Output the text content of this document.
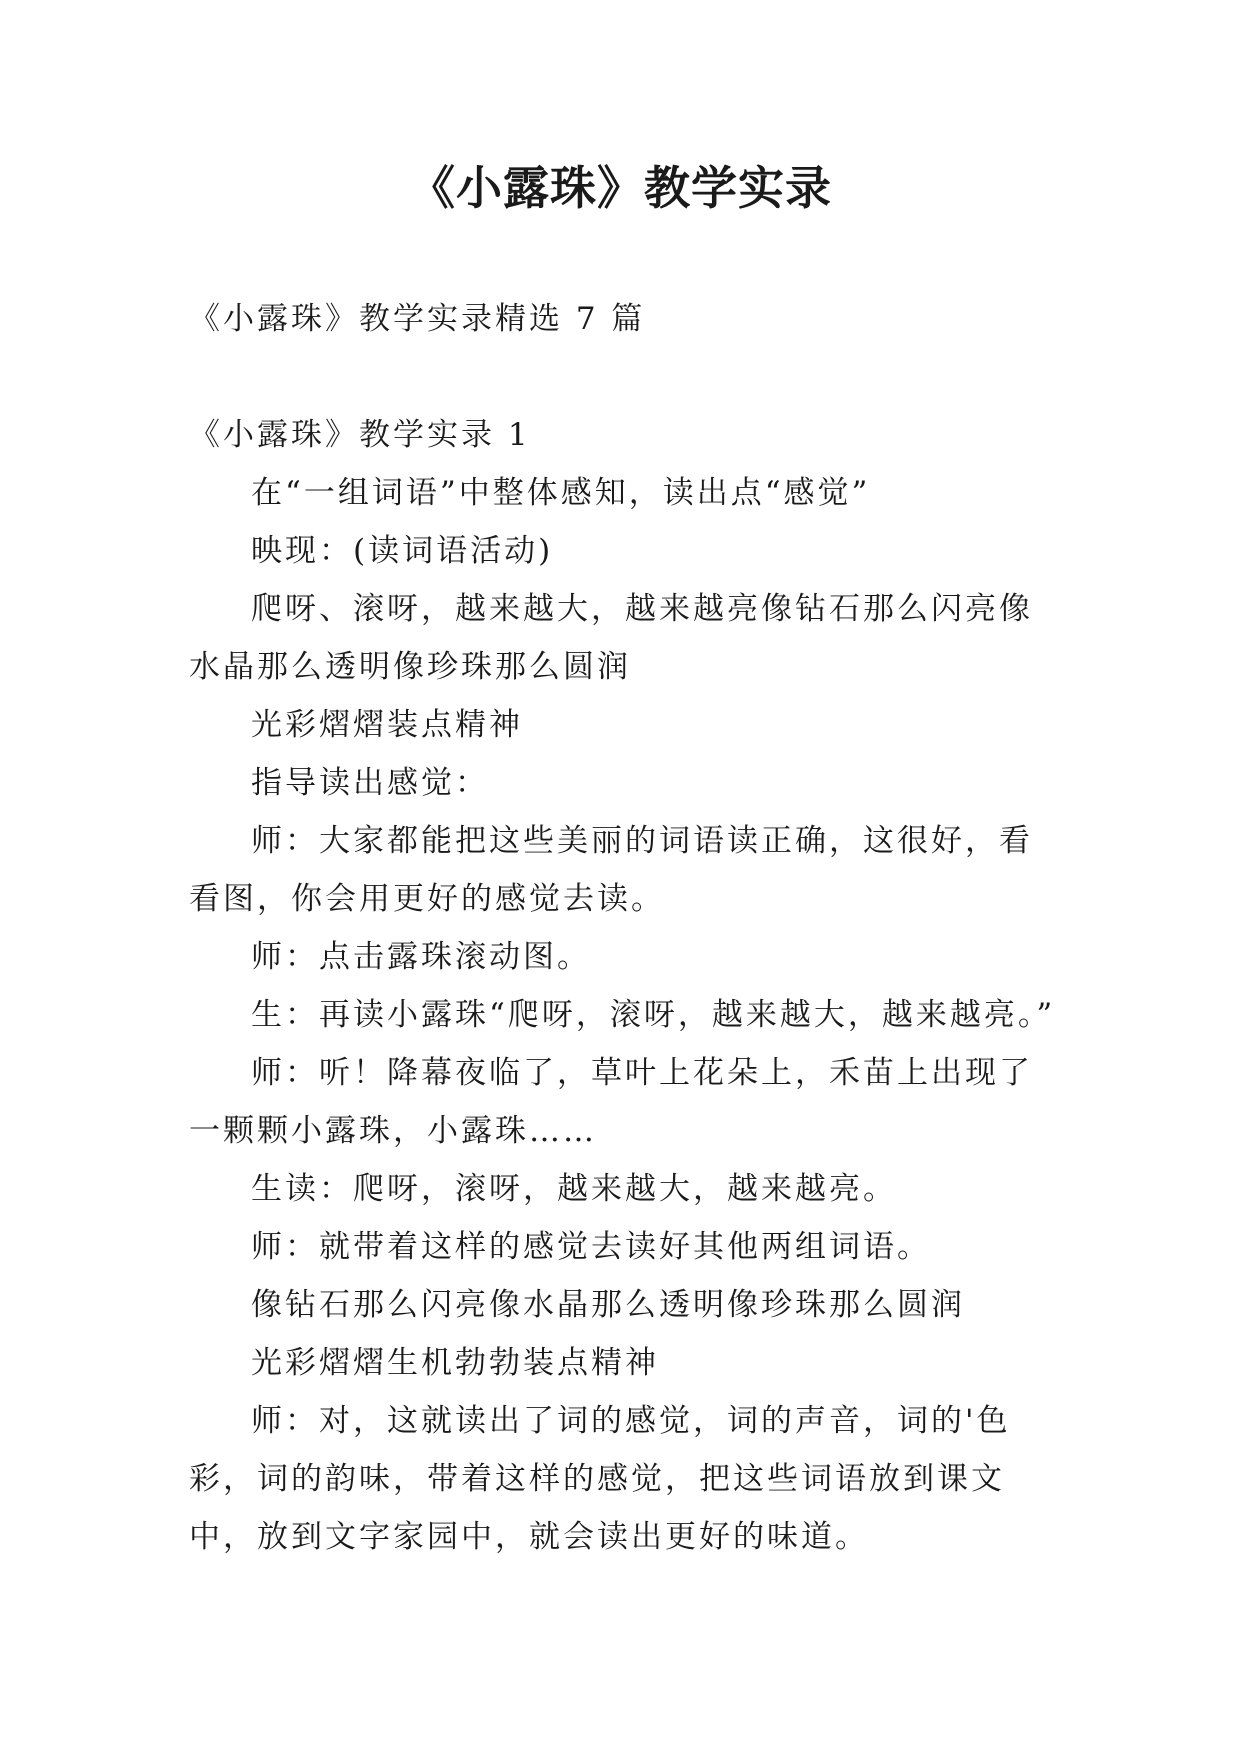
《小露珠》教学实录

《小露珠》教学实录精选 7 篇

《小露珠》教学实录 1

在“一组词语”中整体感知，读出点“感觉”

映现：(读词语活动)

爬呀、滚呀，越来越大，越来越亮像钻石那么闪亮像水晶那么透明像珍珠那么圆润

光彩熠熠装点精神

指导读出感觉：

师：大家都能把这些美丽的词语读正确，这很好，看看图，你会用更好的感觉去读。

师：点击露珠滚动图。

生：再读小露珠“爬呀，滚呀，越来越大，越来越亮。”

师：听！降幕夜临了，草叶上花朵上，禾苗上出现了一颗颗小露珠，小露珠……

生读：爬呀，滚呀，越来越大，越来越亮。

师：就带着这样的感觉去读好其他两组词语。

像钻石那么闪亮像水晶那么透明像珍珠那么圆润

光彩熠熠生机勃勃装点精神

师：对，这就读出了词的感觉，词的声音，词的'色彩，词的韵味，带着这样的感觉，把这些词语放到课文中，放到文字家园中，就会读出更好的味道。
